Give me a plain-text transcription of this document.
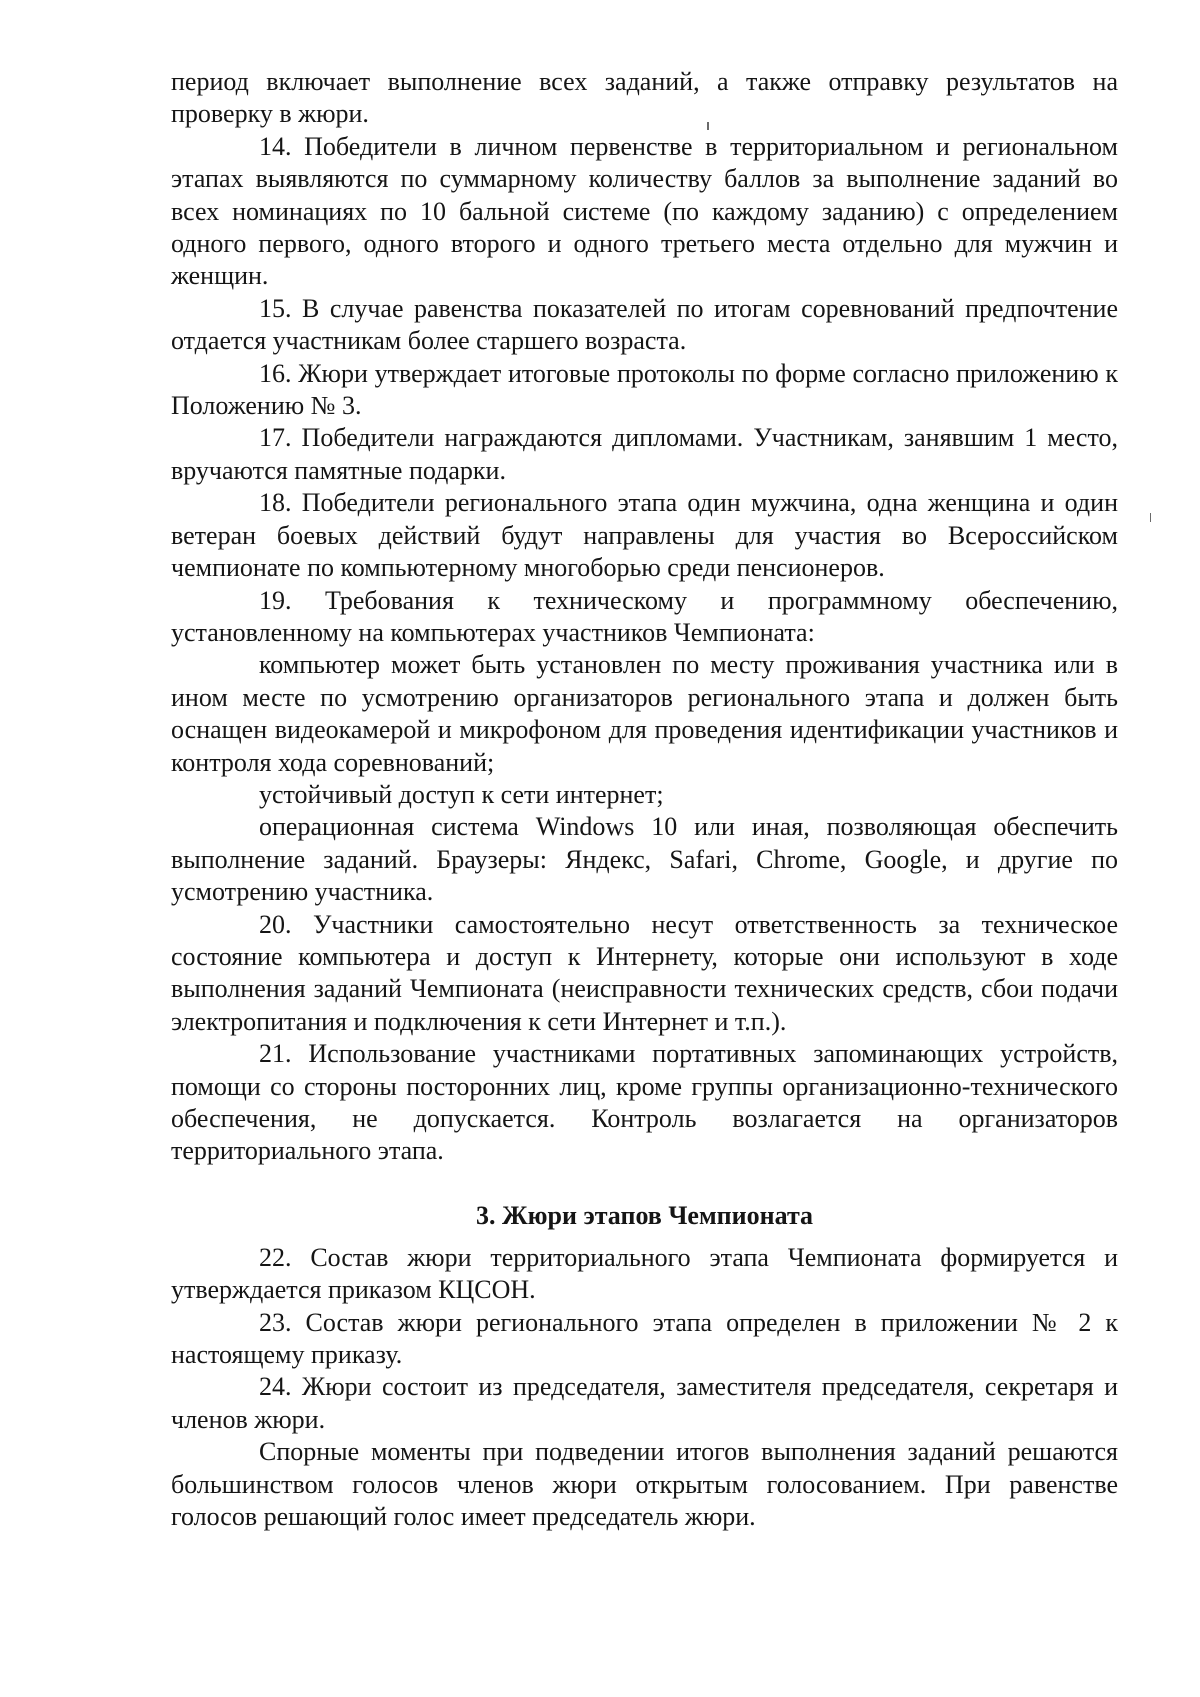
период включает выполнение всех заданий, а также отправку результатов на проверку в жюри.

14. Победители в личном первенстве в территориальном и региональном этапах выявляются по суммарному количеству баллов за выполнение заданий во всех номинациях по 10 бальной системе (по каждому заданию) с определением одного первого, одного второго и одного третьего места отдельно для мужчин и женщин.

15. В случае равенства показателей по итогам соревнований предпочтение отдается участникам более старшего возраста.

16. Жюри утверждает итоговые протоколы по форме согласно приложению к Положению № 3.

17. Победители награждаются дипломами. Участникам, занявшим 1 место, вручаются памятные подарки.

18. Победители регионального этапа один мужчина, одна женщина и один ветеран боевых действий будут направлены для участия во Всероссийском чемпионате по компьютерному многоборью среди пенсионеров.

19. Требования к техническому и программному обеспечению, установленному на компьютерах участников Чемпионата:

компьютер может быть установлен по месту проживания участника или в ином месте по усмотрению организаторов регионального этапа и должен быть оснащен видеокамерой и микрофоном для проведения идентификации участников и контроля хода соревнований;

устойчивый доступ к сети интернет;

операционная система Windows 10 или иная, позволяющая обеспечить выполнение заданий. Браузеры: Яндекс, Safari, Chrome, Google, и другие по усмотрению участника.

20. Участники самостоятельно несут ответственность за техническое состояние компьютера и доступ к Интернету, которые они используют в ходе выполнения заданий Чемпионата (неисправности технических средств, сбои подачи электропитания и подключения к сети Интернет и т.п.).

21. Использование участниками портативных запоминающих устройств, помощи со стороны посторонних лиц, кроме группы организационно-технического обеспечения, не допускается. Контроль возлагается на организаторов территориального этапа.

3. Жюри этапов Чемпионата

22. Состав жюри территориального этапа Чемпионата формируется и утверждается приказом КЦСОН.

23. Состав жюри регионального этапа определен в приложении № 2 к настоящему приказу.

24. Жюри состоит из председателя, заместителя председателя, секретаря и членов жюри.

Спорные моменты при подведении итогов выполнения заданий решаются большинством голосов членов жюри открытым голосованием. При равенстве голосов решающий голос имеет председатель жюри.
